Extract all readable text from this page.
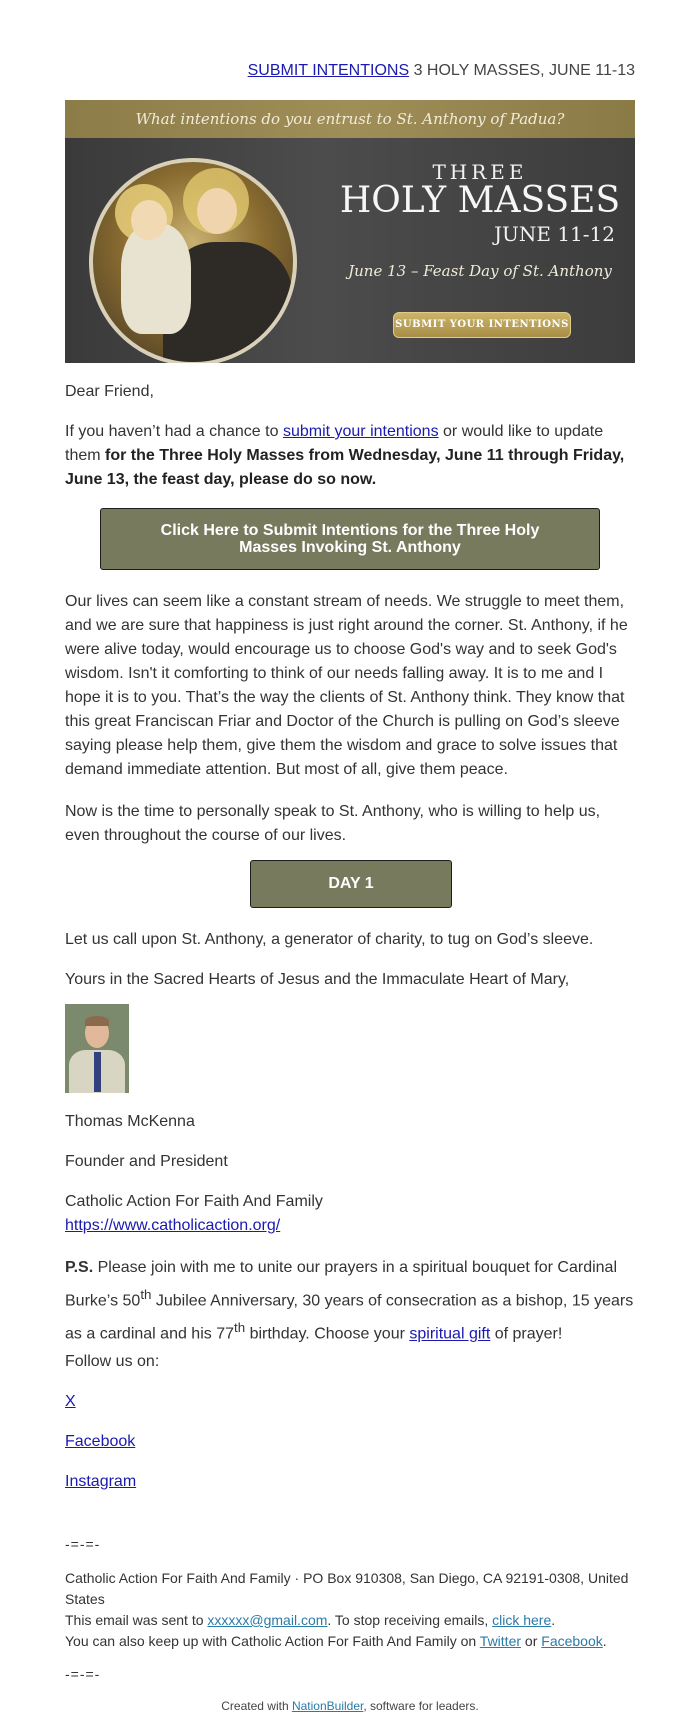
SUBMIT INTENTIONS 3 HOLY MASSES, JUNE 11-13
What intentions do you entrust to St. Anthony of Padua?
THREE
HOLY MASSES
JUNE 11-12
June 13 – Feast Day of St. Anthony
SUBMIT YOUR INTENTIONS

Dear Friend,

If you haven’t had a chance to submit your intentions or would like to update them for the Three Holy Masses from Wednesday, June 11 through Friday, June 13, the feast day, please do so now.

Click Here to Submit Intentions for the Three Holy Masses Invoking St. Anthony

Our lives can seem like a constant stream of needs. We struggle to meet them, and we are sure that happiness is just right around the corner. St. Anthony, if he were alive today, would encourage us to choose God's way and to seek God's wisdom. Isn't it comforting to think of our needs falling away. It is to me and I hope it is to you. That’s the way the clients of St. Anthony think. They know that this great Franciscan Friar and Doctor of the Church is pulling on God’s sleeve saying please help them, give them the wisdom and grace to solve issues that demand immediate attention. But most of all, give them peace.

Now is the time to personally speak to St. Anthony, who is willing to help us, even throughout the course of our lives.

DAY 1

Let us call upon St. Anthony, a generator of charity, to tug on God’s sleeve.

Yours in the Sacred Hearts of Jesus and the Immaculate Heart of Mary,

Thomas McKenna

Founder and President

Catholic Action For Faith And Family

https://www.catholicaction.org/

P.S. Please join with me to unite our prayers in a spiritual bouquet for Cardinal Burke’s 50th Jubilee Anniversary, 30 years of consecration as a bishop, 15 years as a cardinal and his 77th birthday. Choose your spiritual gift of prayer!

Follow us on:

X

Facebook

Instagram

-=-=-
Catholic Action For Faith And Family · PO Box 910308, San Diego, CA 92191-0308, United States
This email was sent to xxxxxx@gmail.com. To stop receiving emails, click here.
You can also keep up with Catholic Action For Faith And Family on Twitter or Facebook.
-=-=-
Created with NationBuilder, software for leaders.
